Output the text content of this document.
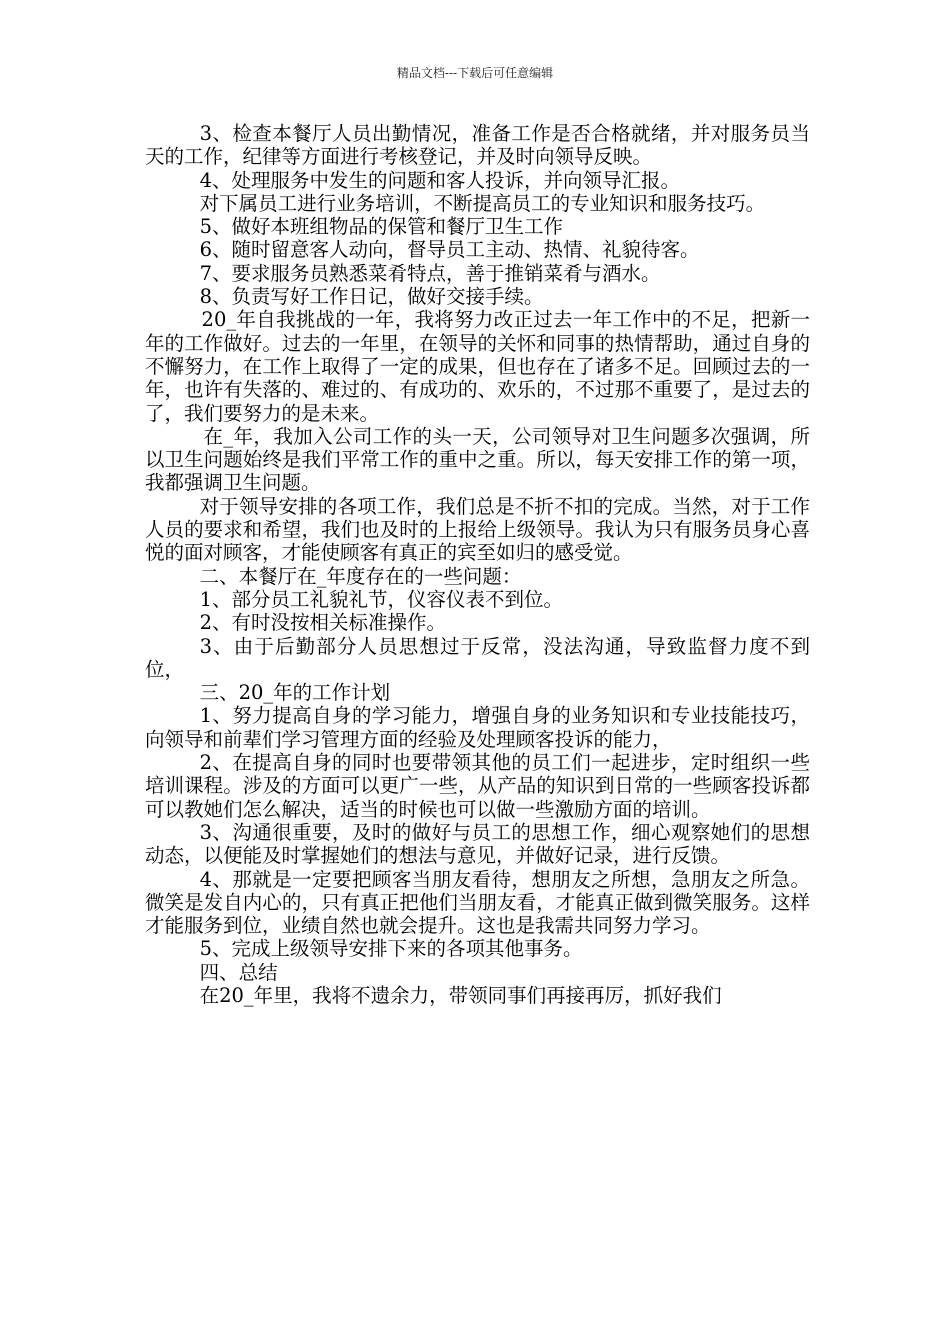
精品文档---下载后可任意编辑

3、检查本餐厅人员出勤情况，准备工作是否合格就绪，并对服务员当天的工作，纪律等方面进行考核登记，并及时向领导反映。

4、处理服务中发生的问题和客人投诉，并向领导汇报。

对下属员工进行业务培训，不断提高员工的专业知识和服务技巧。

5、做好本班组物品的保管和餐厅卫生工作

6、随时留意客人动向，督导员工主动、热情、礼貌待客。

7、要求服务员熟悉菜肴特点，善于推销菜肴与酒水。

8、负责写好工作日记，做好交接手续。

20_年自我挑战的一年，我将努力改正过去一年工作中的不足，把新一年的工作做好。过去的一年里，在领导的关怀和同事的热情帮助，通过自身的不懈努力，在工作上取得了一定的成果，但也存在了诸多不足。回顾过去的一年，也许有失落的、难过的、有成功的、欢乐的，不过那不重要了，是过去的了，我们要努力的是未来。

在_年，我加入公司工作的头一天，公司领导对卫生问题多次强调，所以卫生问题始终是我们平常工作的重中之重。所以，每天安排工作的第一项，我都强调卫生问题。

对于领导安排的各项工作，我们总是不折不扣的完成。当然，对于工作人员的要求和希望，我们也及时的上报给上级领导。我认为只有服务员身心喜悦的面对顾客，才能使顾客有真正的宾至如归的感受觉。

二、本餐厅在_年度存在的一些问题：

1、部分员工礼貌礼节，仪容仪表不到位。

2、有时没按相关标准操作。

3、由于后勤部分人员思想过于反常，没法沟通，导致监督力度不到位，

三、20_年的工作计划

1、努力提高自身的学习能力，增强自身的业务知识和专业技能技巧，向领导和前辈们学习管理方面的经验及处理顾客投诉的能力，

2、在提高自身的同时也要带领其他的员工们一起进步，定时组织一些培训课程。涉及的方面可以更广一些，从产品的知识到日常的一些顾客投诉都可以教她们怎么解决，适当的时候也可以做一些激励方面的培训。

3、沟通很重要，及时的做好与员工的思想工作，细心观察她们的思想动态，以便能及时掌握她们的想法与意见，并做好记录，进行反馈。

4、那就是一定要把顾客当朋友看待，想朋友之所想，急朋友之所急。微笑是发自内心的，只有真正把他们当朋友看，才能真正做到微笑服务。这样才能服务到位，业绩自然也就会提升。这也是我需共同努力学习。

5、完成上级领导安排下来的各项其他事务。

四、总结

在20_年里，我将不遗余力，带领同事们再接再厉，抓好我们
